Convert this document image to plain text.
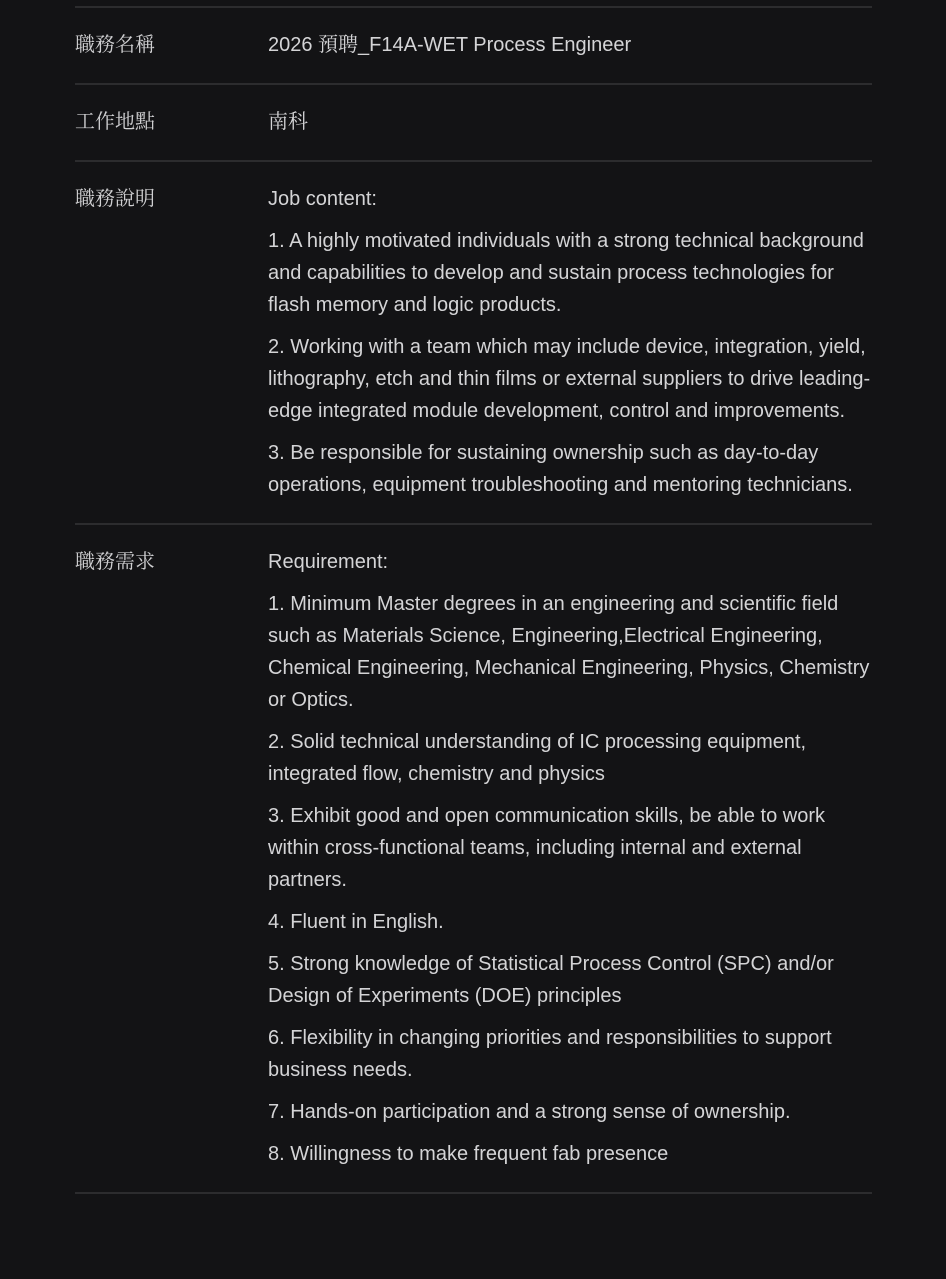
職務名稱	2026 預聘_F14A-WET Process Engineer
工作地點	南科
職務說明	Job content:

1. A highly motivated individuals with a strong technical background and capabilities to develop and sustain process technologies for flash memory and logic products.

2. Working with a team which may include device, integration, yield, lithography, etch and thin films or external suppliers to drive leading-edge integrated module development, control and improvements.

3. Be responsible for sustaining ownership such as day-to-day operations, equipment troubleshooting and mentoring technicians.

職務需求	Requirement:

1. Minimum Master degrees in an engineering and scientific field such as Materials Science, Engineering,Electrical Engineering, Chemical Engineering, Mechanical Engineering, Physics, Chemistry or Optics.

2. Solid technical understanding of IC processing equipment, integrated flow, chemistry and physics

3. Exhibit good and open communication skills, be able to work within cross-functional teams, including internal and external partners.

4. Fluent in English.

5. Strong knowledge of Statistical Process Control (SPC) and/or Design of Experiments (DOE) principles

6. Flexibility in changing priorities and responsibilities to support business needs.

7. Hands-on participation and a strong sense of ownership.

8. Willingness to make frequent fab presence
